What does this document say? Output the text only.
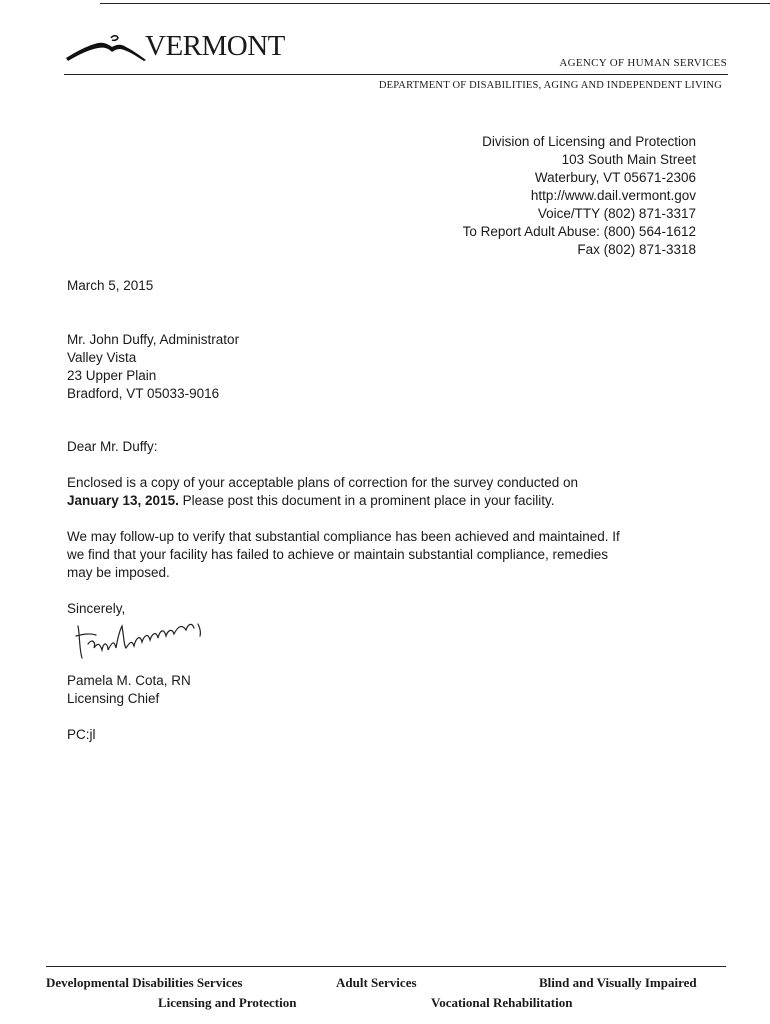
VERMONT
AGENCY OF HUMAN SERVICES
DEPARTMENT OF DISABILITIES, AGING AND INDEPENDENT LIVING
Division of Licensing and Protection
103 South Main Street
Waterbury, VT 05671-2306
http://www.dail.vermont.gov
Voice/TTY (802) 871-3317
To Report Adult Abuse: (800) 564-1612
Fax (802) 871-3318
March 5, 2015
Mr. John Duffy, Administrator
Valley Vista
23 Upper Plain
Bradford, VT 05033-9016
Dear Mr. Duffy:
Enclosed is a copy of your acceptable plans of correction for the survey conducted on
January 13, 2015. Please post this document in a prominent place in your facility.
We may follow-up to verify that substantial compliance has been achieved and maintained. If
we find that your facility has failed to achieve or maintain substantial compliance, remedies
may be imposed.
Sincerely,
Pamela M. Cota, RN
Licensing Chief
PC:jl
Developmental Disabilities Services	Adult Services	Blind and Visually Impaired
Licensing and Protection	Vocational Rehabilitation
